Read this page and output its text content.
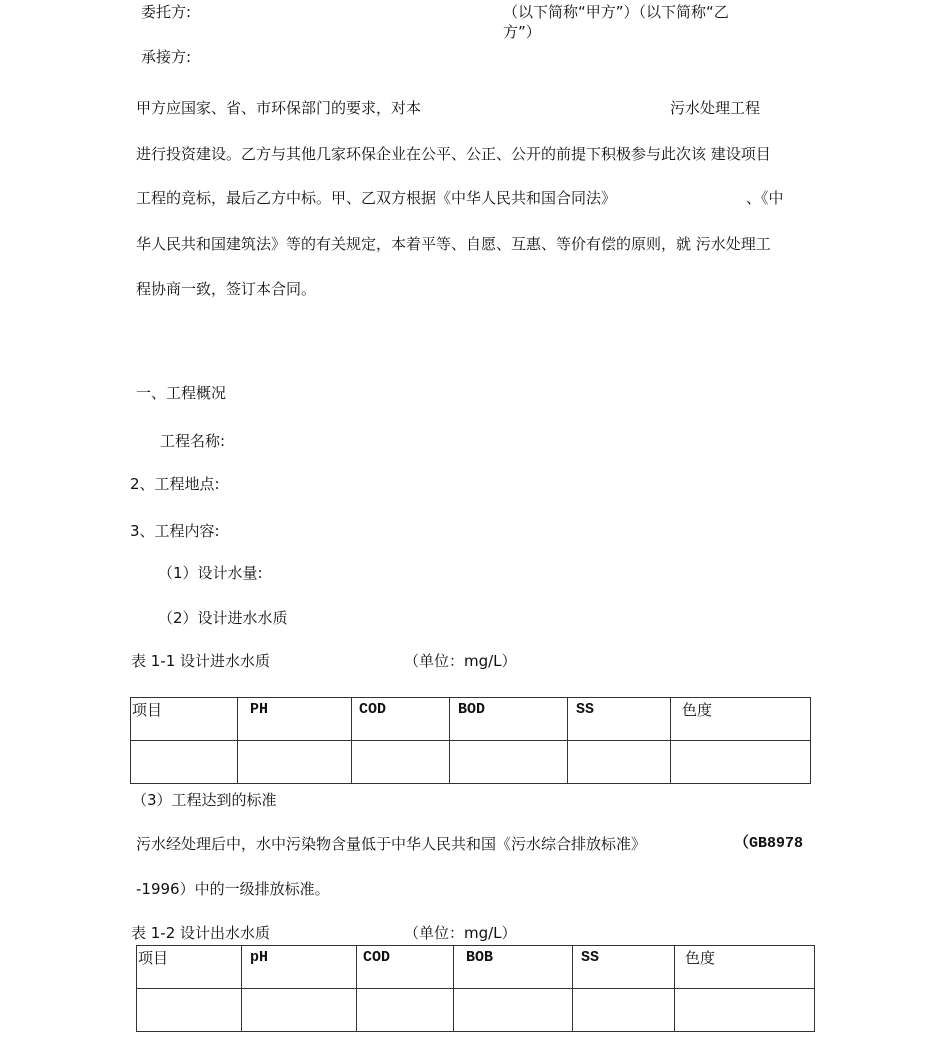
委托方:	（以下简称“甲方”）（以下简称“乙
方”）
承接方:
甲方应国家、省、市环保部门的要求，对本	污水处理工程
进行投资建设。乙方与其他几家环保企业在公平、公正、公开的前提下积极参与此次该 建设项目
工程的竞标，最后乙方中标。甲、乙双方根据《中华人民共和国合同法》	、《中
华人民共和国建筑法》等的有关规定，本着平等、自愿、互惠、等价有偿的原则，就 污水处理工
程协商一致，签订本合同。
一、工程概况
工程名称:
2、工程地点:
3、工程内容:
（1）设计水量:
（2）设计进水水质
表 1-1 设计进水水质	（单位：mg/L）
项目	PH	COD	BOD	SS	色度

（3）工程达到的标准
污水经处理后中，水中污染物含量低于中华人民共和国《污水综合排放标准》	（GB8978
-1996）中的一级排放标准。
表 1-2 设计出水水质	（单位：mg/L）
项目	pH	COD	BOB	SS	色度
